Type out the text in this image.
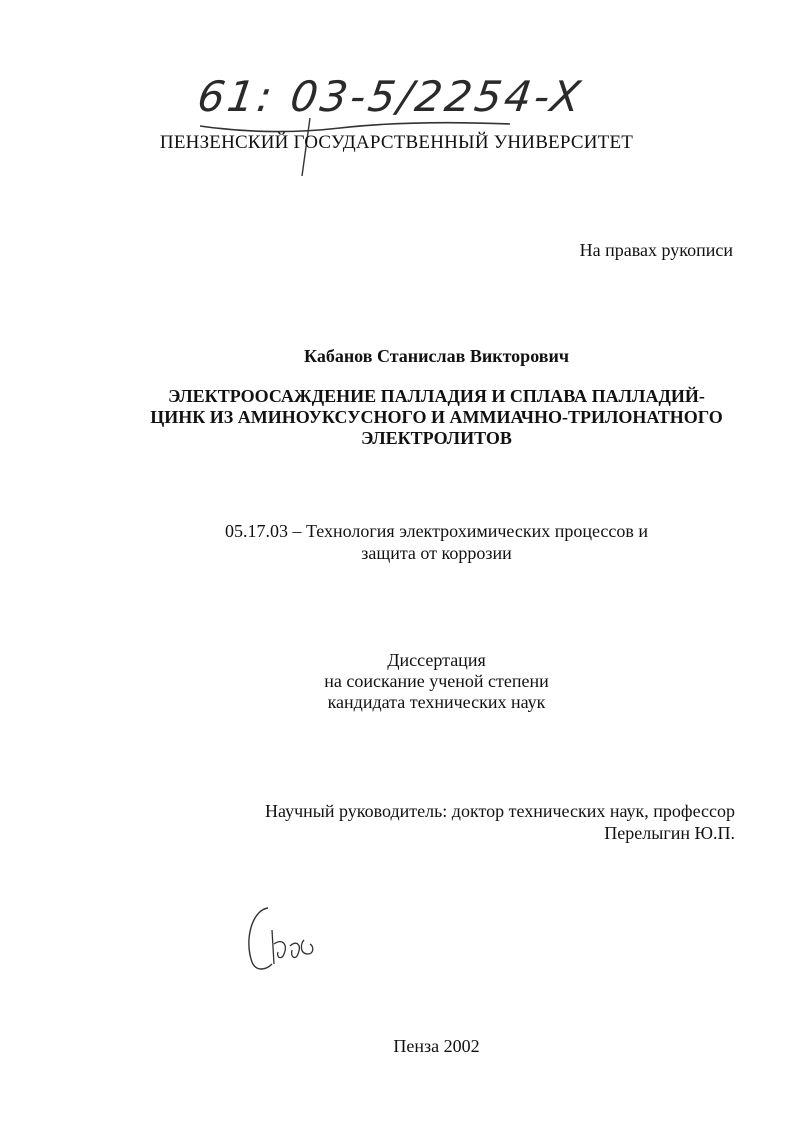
61: 03-5/2254-X
ПЕНЗЕНСКИЙ ГОСУДАРСТВЕННЫЙ УНИВЕРСИТЕТ
На правах рукописи
Кабанов Станислав Викторович
ЭЛЕКТРООСАЖДЕНИЕ ПАЛЛАДИЯ И СПЛАВА ПАЛЛАДИЙ-
ЦИНК ИЗ АМИНОУКСУСНОГО И АММИАЧНО-ТРИЛОНАТНОГО
ЭЛЕКТРОЛИТОВ
05.17.03 – Технология электрохимических процессов и
защита от коррозии
Диссертация
на соискание ученой степени
кандидата технических наук
Научный руководитель: доктор технических наук, профессор
Перелыгин Ю.П.
Пенза 2002
